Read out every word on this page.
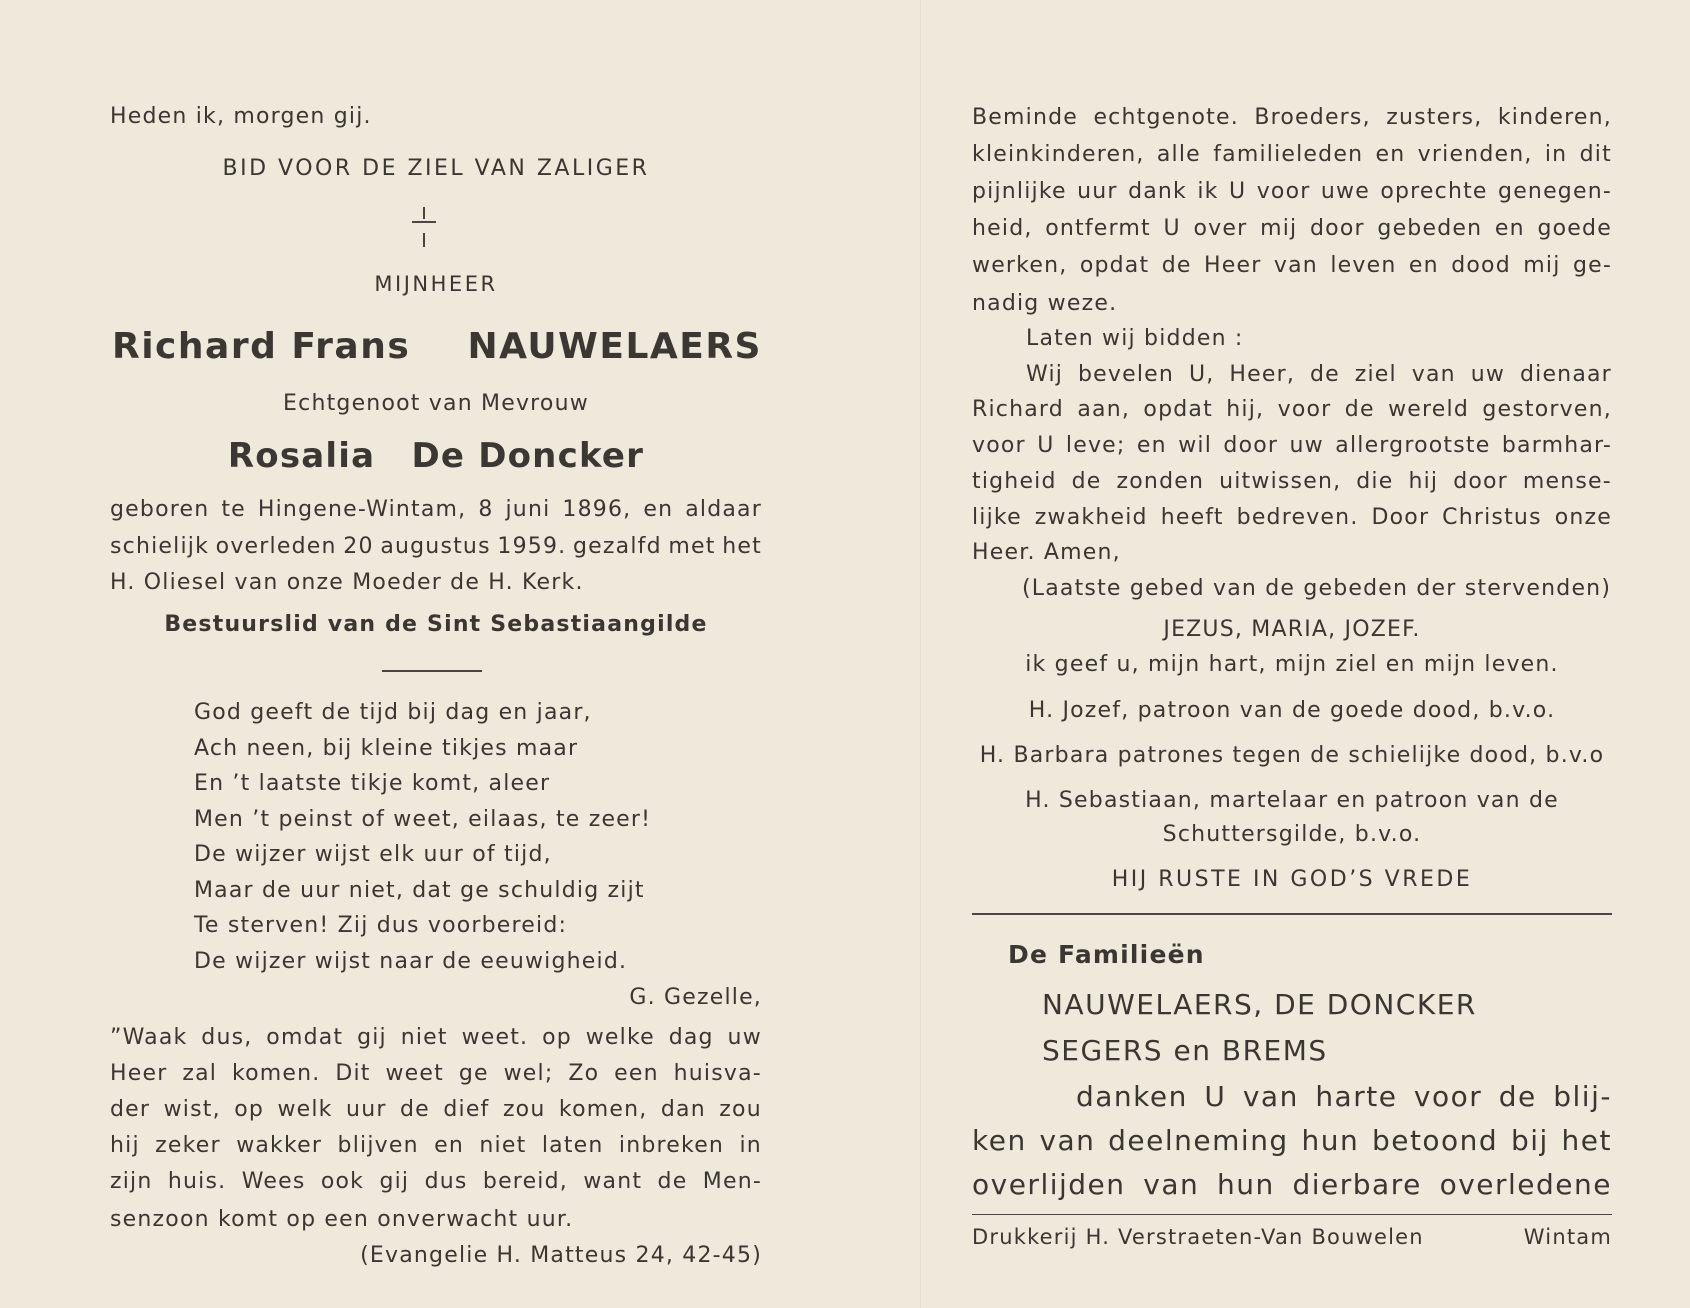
Heden ik, morgen gij.
BID VOOR DE ZIEL VAN ZALIGER
MIJNHEER
Richard Frans NAUWELAERS
Echtgenoot van Mevrouw
Rosalia De Doncker
geboren te Hingene-Wintam, 8 juni 1896, en aldaar
schielijk overleden 20 augustus 1959. gezalfd met het
H. Oliesel van onze Moeder de H. Kerk.
Bestuurslid van de Sint Sebastiaangilde
God geeft de tijd bij dag en jaar,
Ach neen, bij kleine tikjes maar
En ’t laatste tikje komt, aleer
Men ’t peinst of weet, eilaas, te zeer!
De wijzer wijst elk uur of tijd,
Maar de uur niet, dat ge schuldig zijt
Te sterven! Zij dus voorbereid:
De wijzer wijst naar de eeuwigheid.
G. Gezelle,
”Waak dus, omdat gij niet weet. op welke dag uw
Heer zal komen. Dit weet ge wel; Zo een huisva-
der wist, op welk uur de dief zou komen, dan zou
hij zeker wakker blijven en niet laten inbreken in
zijn huis. Wees ook gij dus bereid, want de Men-
senzoon komt op een onverwacht uur.
(Evangelie H. Matteus 24, 42-45)
Beminde echtgenote. Broeders, zusters, kinderen,
kleinkinderen, alle familieleden en vrienden, in dit
pijnlijke uur dank ik U voor uwe oprechte genegen-
heid, ontfermt U over mij door gebeden en goede
werken, opdat de Heer van leven en dood mij ge-
nadig weze.
Laten wij bidden :
Wij bevelen U, Heer, de ziel van uw dienaar
Richard aan, opdat hij, voor de wereld gestorven,
voor U leve; en wil door uw allergrootste barmhar-
tigheid de zonden uitwissen, die hij door mense-
lijke zwakheid heeft bedreven. Door Christus onze
Heer. Amen,
(Laatste gebed van de gebeden der stervenden)
JEZUS, MARIA, JOZEF.
ik geef u, mijn hart, mijn ziel en mijn leven.
H. Jozef, patroon van de goede dood, b.v.o.
H. Barbara patrones tegen de schielijke dood, b.v.o
H. Sebastiaan, martelaar en patroon van de
Schuttersgilde, b.v.o.
HIJ RUSTE IN GOD’S VREDE
De Familieën
NAUWELAERS, DE DONCKER
SEGERS en BREMS
danken U van harte voor de blij-
ken van deelneming hun betoond bij het
overlijden van hun dierbare overledene
Drukkerij H. Verstraeten-Van Bouwelen	Wintam
